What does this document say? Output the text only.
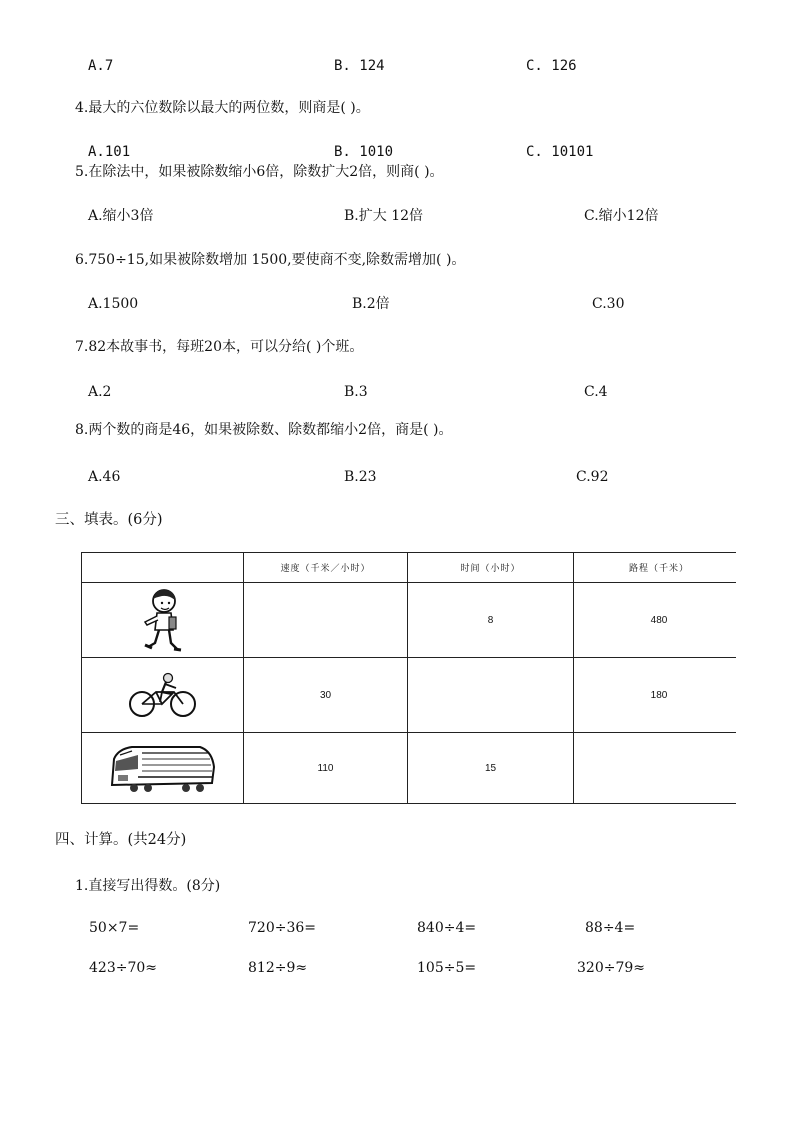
A.7	B. 124	C. 126
4.最大的六位数除以最大的两位数，则商是( )。
A.101	B. 1010	C. 10101
5.在除法中，如果被除数缩小6倍，除数扩大2倍，则商( )。
A.缩小3倍	B.扩大 12倍	C.缩小12倍
6.750÷15,如果被除数增加 1500,要使商不变,除数需增加( )。
A.1500	B.2倍	C.30
7.82本故事书，每班20本，可以分给( )个班。
A.2	B.3	C.4
8.两个数的商是46，如果被除数、除数都缩小2倍，商是( )。
A.46	B.23	C.92
三、填表。(6分)
	速度（千米／小时）	时间（小时）	路程（千米）

		8	480

	30		180

	110	15	
四、计算。(共24分)
1.直接写出得数。(8分)
50×7=	720÷36=	840÷4=	88÷4=
423÷70≈	812÷9≈	105÷5=	320÷79≈
